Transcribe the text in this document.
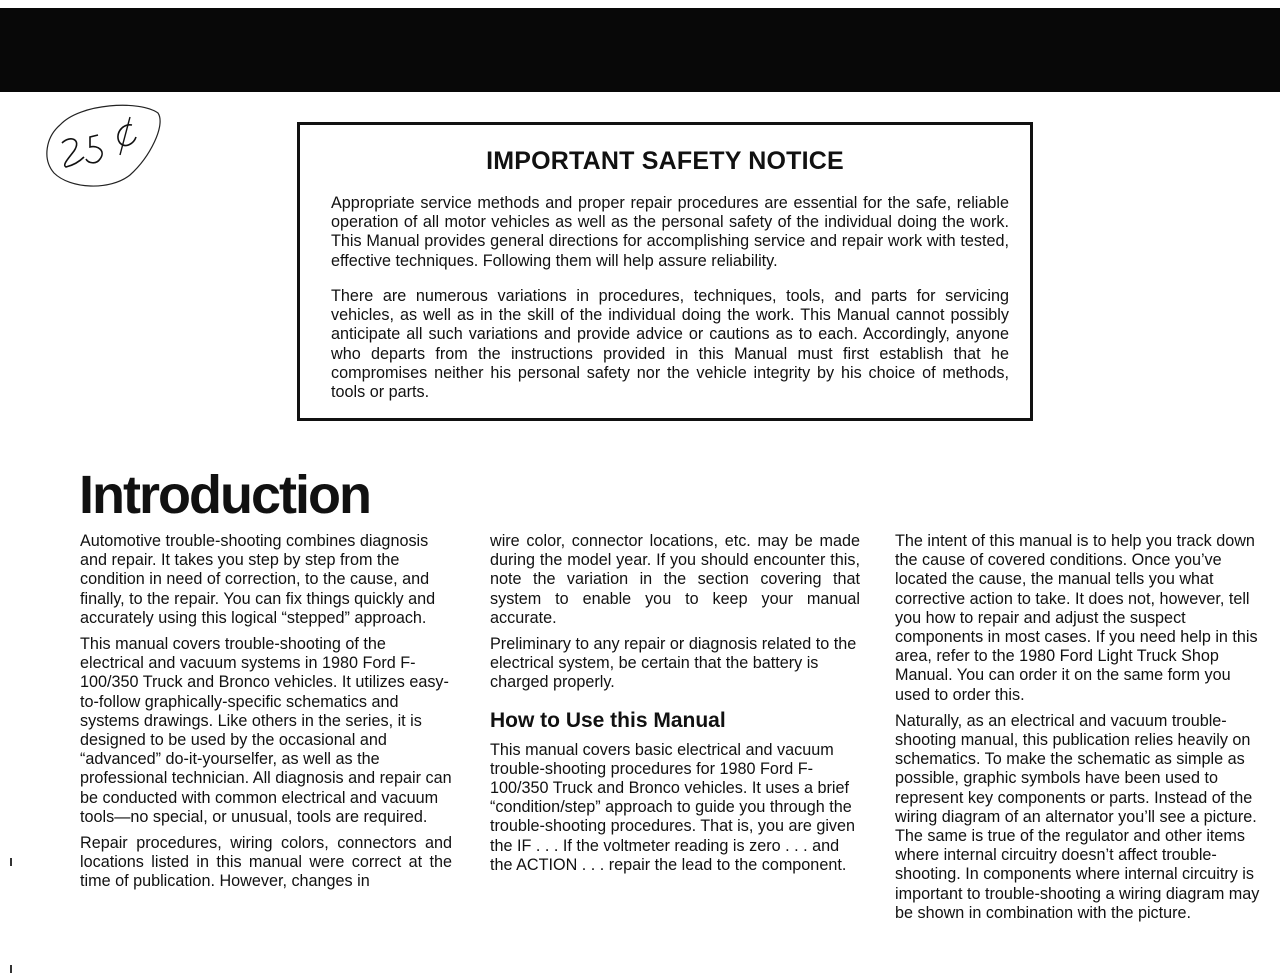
IMPORTANT SAFETY NOTICE

Appropriate service methods and proper repair procedures are essential for the safe, reliable operation of all motor vehicles as well as the personal safety of the individual doing the work. This Manual provides general directions for accomplishing service and repair work with tested, effective techniques. Following them will help assure reliability.

There are numerous variations in procedures, techniques, tools, and parts for servicing vehicles, as well as in the skill of the individual doing the work. This Manual cannot possibly anticipate all such variations and provide advice or cautions as to each. Accordingly, anyone who departs from the instructions provided in this Manual must first establish that he compromises neither his personal safety nor the vehicle integrity by his choice of methods, tools or parts.

Introduction

Automotive trouble-shooting combines diagnosis and repair. It takes you step by step from the condition in need of correction, to the cause, and finally, to the repair. You can fix things quickly and accurately using this logical “stepped” approach.

This manual covers trouble-shooting of the electrical and vacuum systems in 1980 Ford F-100/350 Truck and Bronco vehicles. It utilizes easy-to-follow graphically-specific schematics and systems drawings. Like others in the series, it is designed to be used by the occasional and “advanced” do-it-yourselfer, as well as the professional technician. All diagnosis and repair can be conducted with common electrical and vacuum tools—no special, or unusual, tools are required.

Repair procedures, wiring colors, connectors and locations listed in this manual were correct at the time of publication. However, changes in

wire color, connector locations, etc. may be made during the model year. If you should encounter this, note the variation in the section covering that system to enable you to keep your manual accurate.

Preliminary to any repair or diagnosis related to the electrical system, be certain that the battery is charged properly.

How to Use this Manual

This manual covers basic electrical and vacuum trouble-shooting procedures for 1980 Ford F-100/350 Truck and Bronco vehicles. It uses a brief “condition/step” approach to guide you through the trouble-shooting procedures. That is, you are given the IF . . . If the voltmeter reading is zero . . . and the ACTION . . . repair the lead to the component.

The intent of this manual is to help you track down the cause of covered conditions. Once you’ve located the cause, the manual tells you what corrective action to take. It does not, however, tell you how to repair and adjust the suspect components in most cases. If you need help in this area, refer to the 1980 Ford Light Truck Shop Manual. You can order it on the same form you used to order this.

Naturally, as an electrical and vacuum trouble-shooting manual, this publication relies heavily on schematics. To make the schematic as simple as possible, graphic symbols have been used to represent key components or parts. Instead of the wiring diagram of an alternator you’ll see a picture. The same is true of the regulator and other items where internal circuitry doesn’t affect trouble-shooting. In components where internal circuitry is important to trouble-shooting a wiring diagram may be shown in combination with the picture.
